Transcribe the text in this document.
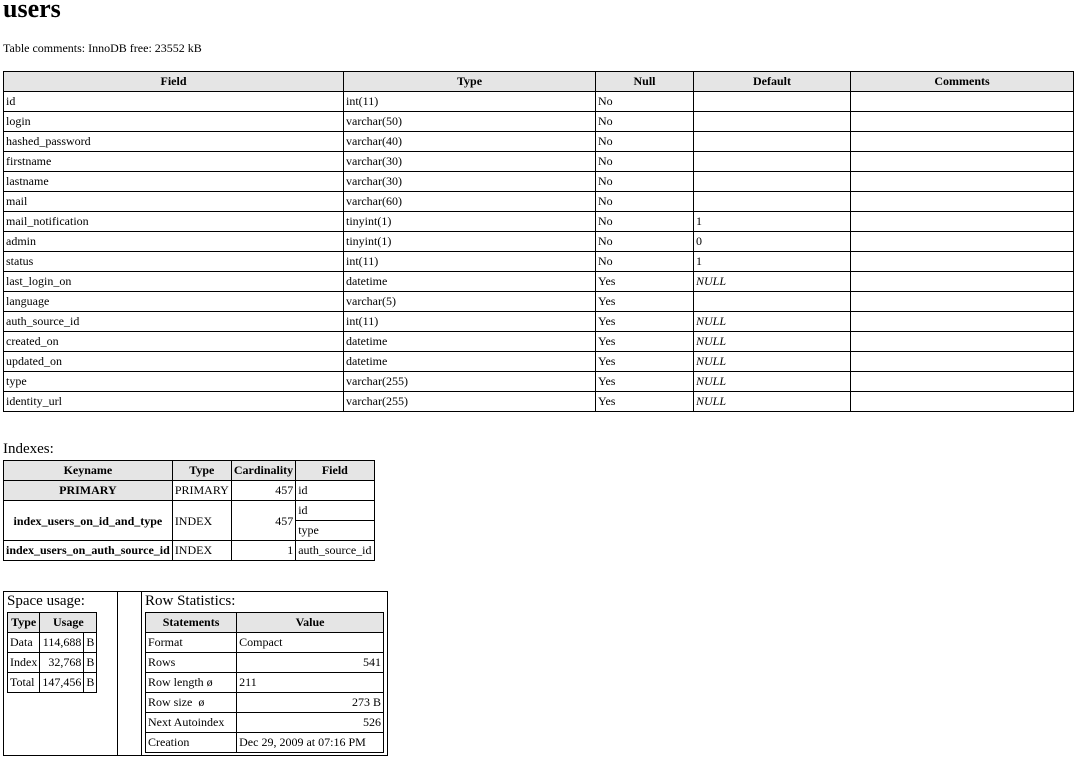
users
Table comments: InnoDB free: 23552 kB
Field	Type	Null	Default	Comments
id	int(11)	No		
login	varchar(50)	No		
hashed_password	varchar(40)	No		
firstname	varchar(30)	No		
lastname	varchar(30)	No		
mail	varchar(60)	No		
mail_notification	tinyint(1)	No	1	
admin	tinyint(1)	No	0	
status	int(11)	No	1	
last_login_on	datetime	Yes	NULL	
language	varchar(5)	Yes		
auth_source_id	int(11)	Yes	NULL	
created_on	datetime	Yes	NULL	
updated_on	datetime	Yes	NULL	
type	varchar(255)	Yes	NULL	
identity_url	varchar(255)	Yes	NULL	
Indexes:
Keyname	Type	Cardinality	Field
PRIMARY	PRIMARY	457	id
index_users_on_id_and_type	INDEX	457	id
			type
index_users_on_auth_source_id	INDEX	1	auth_source_id
Space usage:
Type	Usage	
Data	114,688	B
Index	32,768	B
Total	147,456	B
Row Statistics:
Statements	Value
Format	Compact
Rows	541
Row length ø	211
Row size  ø	273 B
Next Autoindex	526
Creation	Dec 29, 2009 at 07:16 PM
